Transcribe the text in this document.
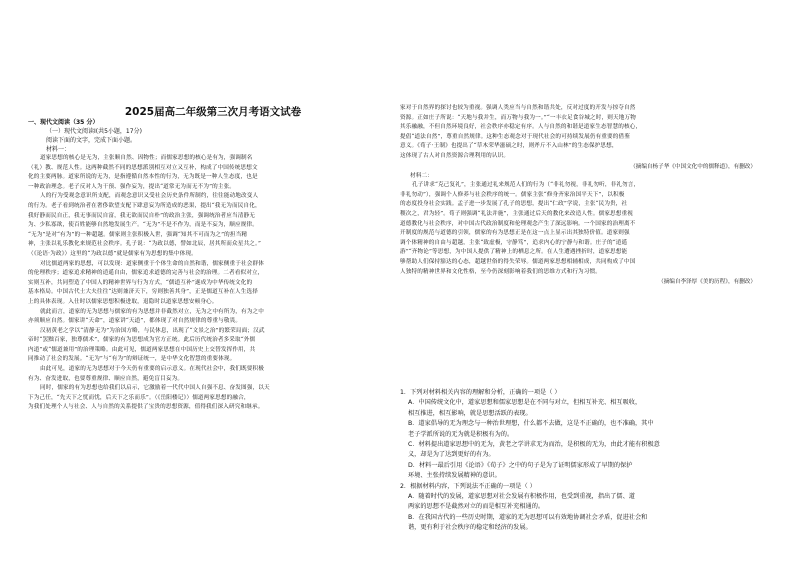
2025届高二年级第三次月考语文试卷
一、现代文阅读（35 分）
（一）现代文阅读I(共5小题，17分)
阅读下面的文字，完成下面小题。
材料一：
道家思想的核心是无为，主张顺自然、因物性；而儒家思想的核心是有为，强调制名
（礼）教、规范人性。这两种截然不同的思想派别相互对立又互补，构成了中国传统思想文
化的主要两脉。道家所说的无为，是指遵循自然本性的行为，无为既是一种人生态度，也是
一种政治理念。老子反对人为干预、强作妄为，提出“道常无为而无不为”的主张。
人的行为受观念意识所支配，而观念意识又受社会历史条件所制约，往往能动地改变人
的行为。老子看到统治者在奢侈欲望支配下肆意妄为所造成的恶果，提出“我无为而民自化，
我好静而民自正，我无事而民自富，我无欲而民自朴”的政治主张，强调统治者应当清静无
为、少私寡欲，使百姓能够自然地发展生产。“无为”不是不作为，而是不妄为，顺应规律。
“无为”是对“有为”的一种超越。儒家则主张积极入世，强调“知其不可而为之”的担当精
神，主张以礼乐教化来规范社会秩序。孔子说：“为政以德，譬如北辰，居其所而众星共之。”
（《论语·为政》）这里的“为政以德”就是儒家有为思想的集中体现。
对比儒道两家的思想，可以发现：道家侧重于个体生命的自然和谐，儒家侧重于社会群体
的伦理秩序；道家追求精神的逍遥自由，儒家追求道德的完善与社会的治理。二者看似对立，
实则互补，共同塑造了中国人的精神世界与行为方式，“儒道互补”遂成为中华传统文化的
基本格局。中国古代士大夫往往“达则兼济天下，穷则独善其身”，正是儒道互补在人生选择
上的具体表现。入仕时以儒家思想积极进取，退隐时以道家思想安顿身心。
就此而言，道家的无为思想与儒家的有为思想并非截然对立，无为之中有所为，有为之中
亦须顺应自然。儒家讲“天命”，道家讲“天道”，都体现了对自然规律的尊重与敬畏。
汉初黄老之学以“清静无为”为治国方略，与民休息，出现了“文景之治”的繁荣局面；汉武
帝时“罢黜百家，独尊儒术”，儒家的有为思想成为官方正统。此后历代统治者多采取“外儒
内道”或“儒道兼用”的治理策略。由此可见，儒道两家思想在中国历史上交替发挥作用，共
同推动了社会的发展。“无为”与“有为”的辩证统一，是中华文化智慧的重要体现。
由此可见，道家的无为思想对于今天仍有重要的启示意义。在现代社会中，我们既要积极
有为、奋发进取，也要尊重规律、顺应自然，避免盲目妄为。
同时，儒家的有为思想也给我们以启示，它激励着一代代中国人自强不息、奋发图强，以天
下为己任，“先天下之忧而忧，后天下之乐而乐”。（《岳阳楼记》）儒道两家思想的融合，
为我们处理个人与社会、人与自然的关系提供了宝贵的思想资源，值得我们深入研究和继承。
家对于自然界的探讨也较为重视。强调人类应当与自然和谐共处，反对过度的开发与掠夺自然
资源。正如庄子所说：“天地与我并生，而万物与我为一。”“一丰衣足食谷城之时，则天地万物
其乐融融，不但自然环境良好，社会秩序亦稳定有序。人与自然的和谐是道家生态智慧的核心，
提倡“道法自然”，尊重自然规律。这种生态观念对于现代社会的可持续发展仍有重要的借鉴
意义。《荀子·王制》也提出了“草木荣华滋硕之时，则斧斤不入山林”的生态保护思想，
这体现了古人对自然资源合理利用的认识。
（摘编自杨子华《中国文化中的儒释道》，有删改）
材料二：
孔子讲求“克己复礼”，主张通过礼来规范人们的行为（“非礼勿视，非礼勿听，非礼勿言，
非礼勿动”），强调个人修养与社会秩序的统一。儒家主张“修身齐家治国平天下”，以积极
的态度投身社会实践。孟子进一步发展了孔子的思想，提出“仁政”学说，主张“民为贵，社
稷次之，君为轻”。荀子则强调“礼法并施”，主张通过后天的教化来改造人性。儒家思想重视
道德教化与社会秩序，对中国古代政治制度和伦理观念产生了深远影响。一个国家的治理离不
开制度的规范与道德的引领，儒家的有为思想正是在这一点上显示出其独特价值。道家则强
调个体精神的自由与超越，主张“致虚极，守静笃”，追求内心的宁静与和谐。庄子的“逍遥
游”“齐物论”等思想，为中国人提供了精神上的栖息之所。在人生遭遇挫折时，道家思想能
够帮助人们保持豁达的心态，超越世俗的得失荣辱。儒道两家思想相辅相成，共同构成了中国
人独特的精神世界和文化性格，至今仍深刻影响着我们的思维方式和行为习惯。
（摘编自李泽厚《美的历程》，有删改）
1．下列对材料相关内容的理解和分析，正确的一项是（ ）
A．中国传统文化中，道家思想和儒家思想是在不同与对立，但相互补充、相互吸收，
相互推进，相互影响，就是思想活跃的表现。
B．道家倡导的无为理念与一种治世理想，什么都不去做，这是不正确的，也不准确，其中
老子学派所说的无为就是积极有为的。
C．材料提出道家思想中的无为，黄老之学讲求无为而治，是积极的无为，由此才能有积极意
义，却是为了达到更好的有为。
D．材料一最后引用《论语》《荀子》之中的句子是为了证明儒家形成了早期的保护
环境、主张持续发展精神的意识。
2．根据材料内容，下列说法不正确的一项是（ ）
A．随着时代的发展，道家思想对社会发展有积极作用，也受到重视，指出了儒、道
两家的思想不是截然对立的而是相互补充相通的。
B．在我国古代的一些历史时期，道家的无为思想可以有效地协调社会矛盾，促进社会和
谐，更有利于社会秩序的稳定和经济的发展。
